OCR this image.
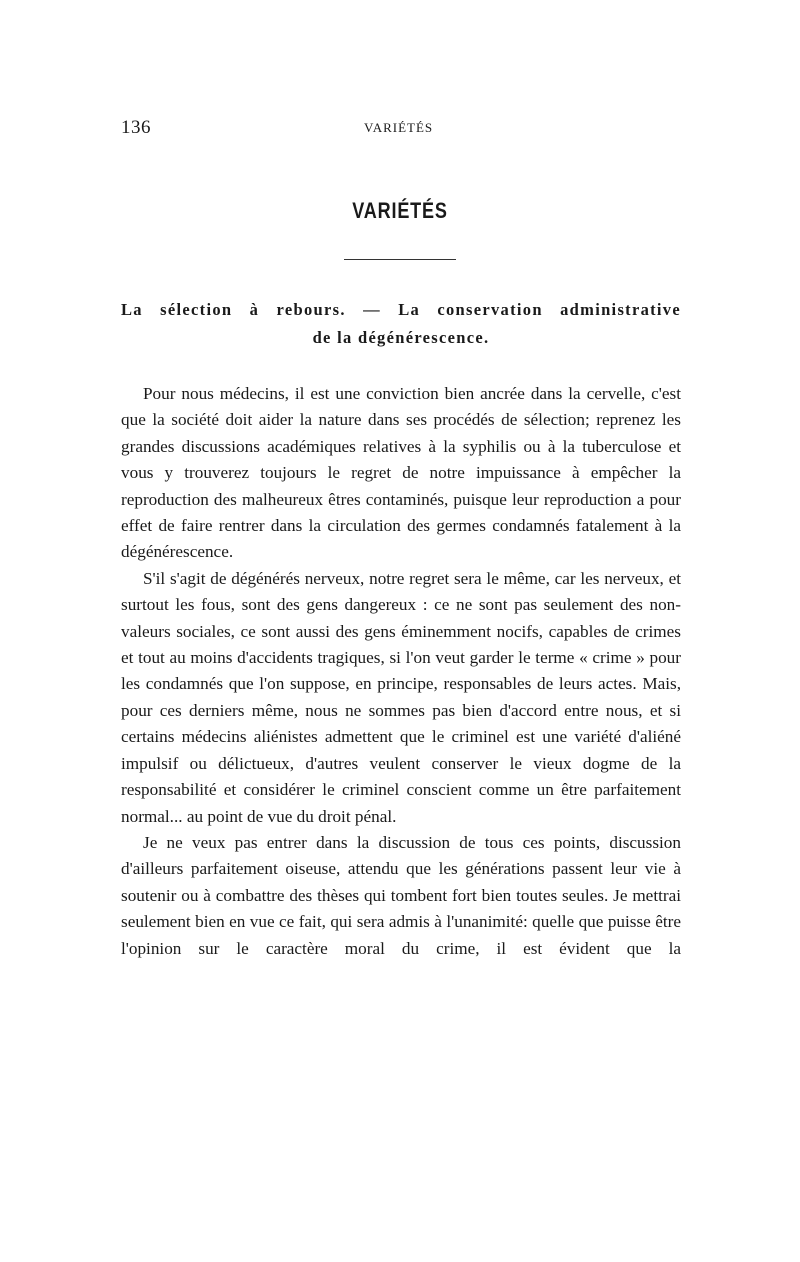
136	VARIÉTÉS
VARIÉTÉS
La sélection à rebours. — La conservation administrative
de la dégénérescence.

Pour nous médecins, il est une conviction bien ancrée dans la cervelle, c'est que la société doit aider la nature dans ses procédés de sélection; reprenez les grandes discussions académiques relatives à la syphilis ou à la tuberculose et vous y trouverez toujours le regret de notre impuissance à empêcher la reproduction des malheureux êtres contaminés, puisque leur reproduction a pour effet de faire rentrer dans la circulation des germes condamnés fatalement à la dégénérescence.

S'il s'agit de dégénérés nerveux, notre regret sera le même, car les nerveux, et surtout les fous, sont des gens dangereux : ce ne sont pas seulement des non-valeurs sociales, ce sont aussi des gens éminemment nocifs, capables de crimes et tout au moins d'accidents tragiques, si l'on veut garder le terme « crime » pour les condamnés que l'on suppose, en principe, responsables de leurs actes. Mais, pour ces derniers même, nous ne sommes pas bien d'accord entre nous, et si certains médecins aliénistes admettent que le criminel est une variété d'aliéné impulsif ou délictueux, d'autres veulent conserver le vieux dogme de la responsabilité et considérer le criminel conscient comme un être parfaitement normal... au point de vue du droit pénal.

Je ne veux pas entrer dans la discussion de tous ces points, discussion d'ailleurs parfaitement oiseuse, attendu que les générations passent leur vie à soutenir ou à combattre des thèses qui tombent fort bien toutes seules. Je mettrai seulement bien en vue ce fait, qui sera admis à l'unanimité: quelle que puisse être l'opinion sur le caractère moral du crime, il est évident que la
